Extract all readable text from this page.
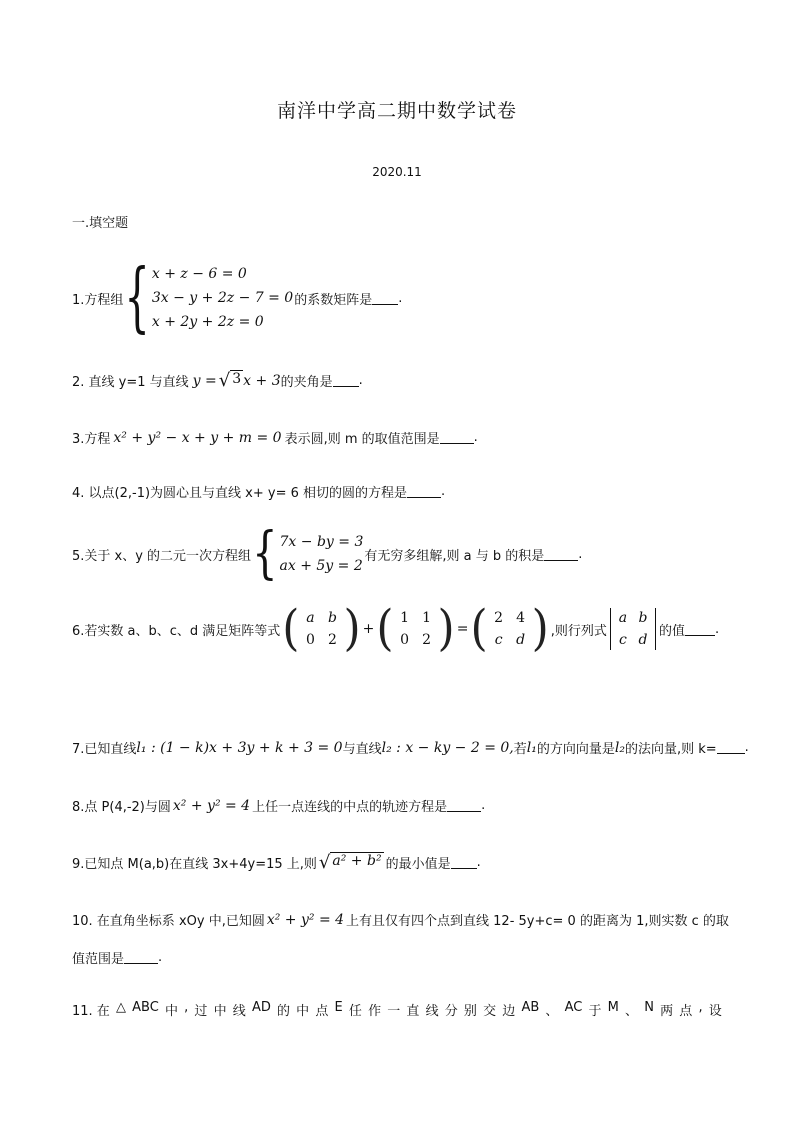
南洋中学高二期中数学试卷
2020.11
一.填空题
1.方程组 { x + z − 6 = 0
3x − y + 2z − 7 = 0
x + 2y + 2z = 0
的系数矩阵是 .
2. 直线 y=1 与直线 y = √ 3 x + 3 的夹角是 .
3.方程 x² + y² − x + y + m = 0 表示圆,则 m 的取值范围是	.
4. 以点(2,-1)为圆心且与直线 x+ y= 6 相切的圆的方程是	.
5.关于 x、y 的二元一次方程组 { 7x − by = 3
ax + 5y = 2
有无穷多组解,则 a 与 b 的积是	.
6.若实数 a、b、c、d 满足矩阵等式 ( a b
0 2 ) + ( 1 1
0 2 ) = ( 2 4
c d ) ,则行列式
a b
c d
的值 .
7.已知直线 l₁ : (1 − k)x + 3y + k + 3 = 0 与直线 l₂ : x − ky − 2 = 0, 若 l₁ 的方向向量是 l₂ 的法向量,则 k= .
8.点 P(4,-2)与圆 x² + y² = 4 上任一点连线的中点的轨迹方程是	.
9.已知点 M(a,b)在直线 3x+4y=15 上,则 √ a² + b² 的最小值是 .
10. 在直角坐标系 xOy 中,已知圆 x² + y² = 4 上有且仅有四个点到直线 12- 5y+c= 0 的距离为 1,则实数 c 的取
值范围是	.
11. 在 △ ABC 中 , 过 中 线 AD 的 中 点 E 任 作 一 直 线 分 别 交 边 AB 、 AC 于 M 、 N 两 点 , 设
